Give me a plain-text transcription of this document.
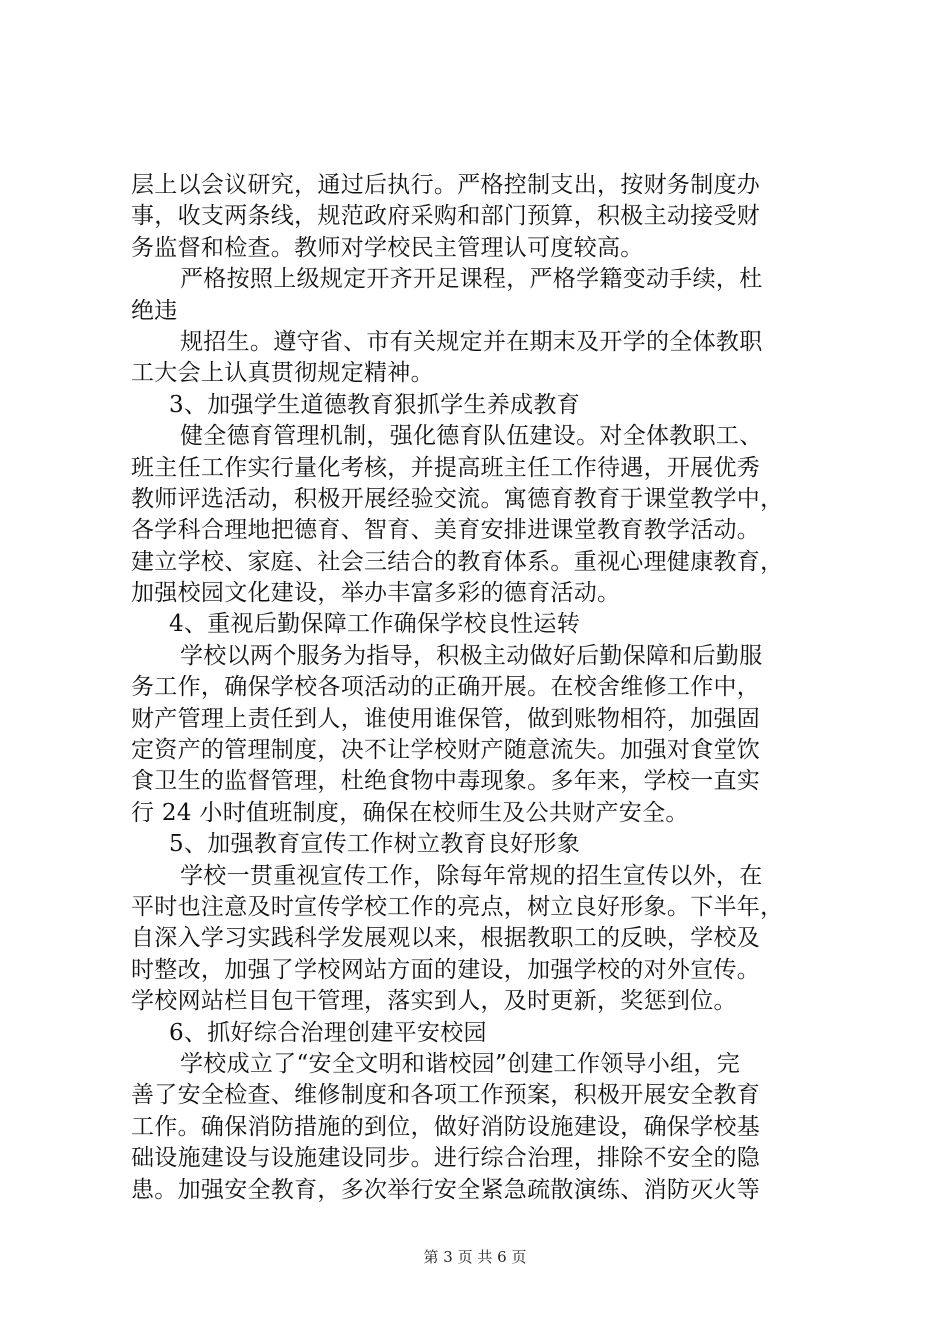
层上以会议研究，通过后执行。严格控制支出，按财务制度办
事，收支两条线，规范政府采购和部门预算，积极主动接受财
务监督和检查。教师对学校民主管理认可度较高。
严格按照上级规定开齐开足课程，严格学籍变动手续，杜
绝违
规招生。遵守省、市有关规定并在期末及开学的全体教职
工大会上认真贯彻规定精神。
3、加强学生道德教育狠抓学生养成教育
健全德育管理机制，强化德育队伍建设。对全体教职工、
班主任工作实行量化考核，并提高班主任工作待遇，开展优秀
教师评选活动，积极开展经验交流。寓德育教育于课堂教学中，
各学科合理地把德育、智育、美育安排进课堂教育教学活动。
建立学校、家庭、社会三结合的教育体系。重视心理健康教育，
加强校园文化建设，举办丰富多彩的德育活动。
4、重视后勤保障工作确保学校良性运转
学校以两个服务为指导，积极主动做好后勤保障和后勤服
务工作，确保学校各项活动的正确开展。在校舍维修工作中，
财产管理上责任到人，谁使用谁保管，做到账物相符，加强固
定资产的管理制度，决不让学校财产随意流失。加强对食堂饮
食卫生的监督管理，杜绝食物中毒现象。多年来，学校一直实
行 24 小时值班制度，确保在校师生及公共财产安全。
5、加强教育宣传工作树立教育良好形象
学校一贯重视宣传工作，除每年常规的招生宣传以外，在
平时也注意及时宣传学校工作的亮点，树立良好形象。下半年，
自深入学习实践科学发展观以来，根据教职工的反映，学校及
时整改，加强了学校网站方面的建设，加强学校的对外宣传。
学校网站栏目包干管理，落实到人，及时更新，奖惩到位。
6、抓好综合治理创建平安校园
学校成立了“安全文明和谐校园”创建工作领导小组，完
善了安全检查、维修制度和各项工作预案，积极开展安全教育
工作。确保消防措施的到位，做好消防设施建设，确保学校基
础设施建设与设施建设同步。进行综合治理，排除不安全的隐
患。加强安全教育，多次举行安全紧急疏散演练、消防灭火等
第 3 页 共 6 页
